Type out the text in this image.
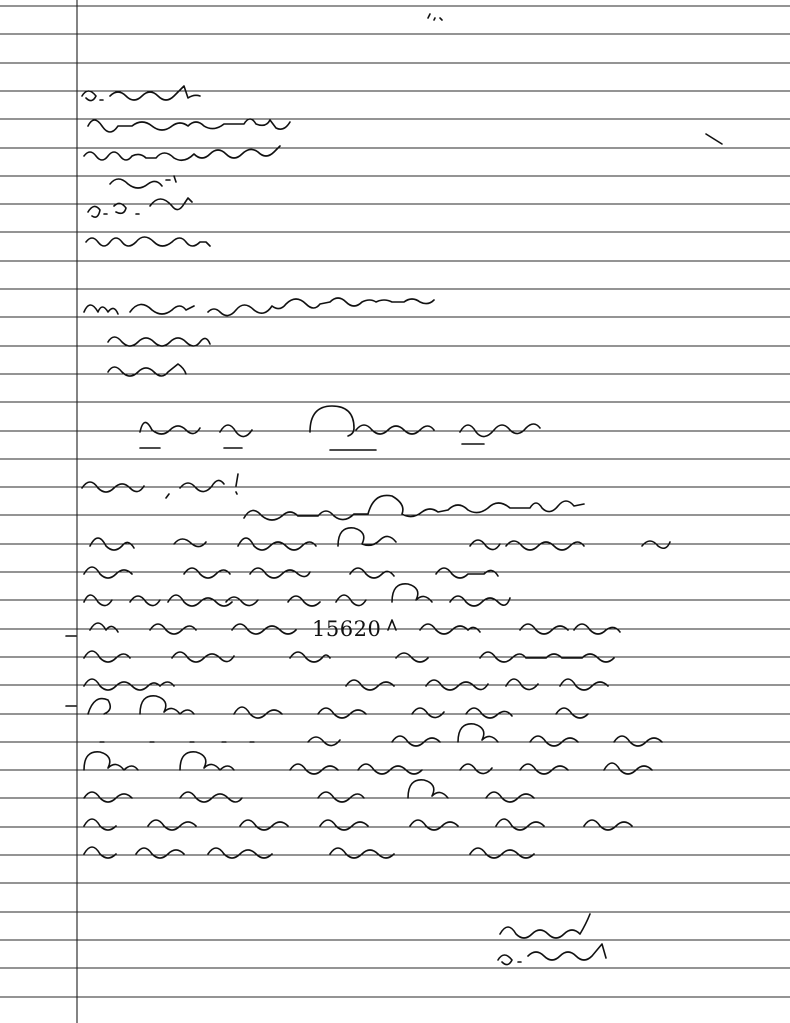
15620
